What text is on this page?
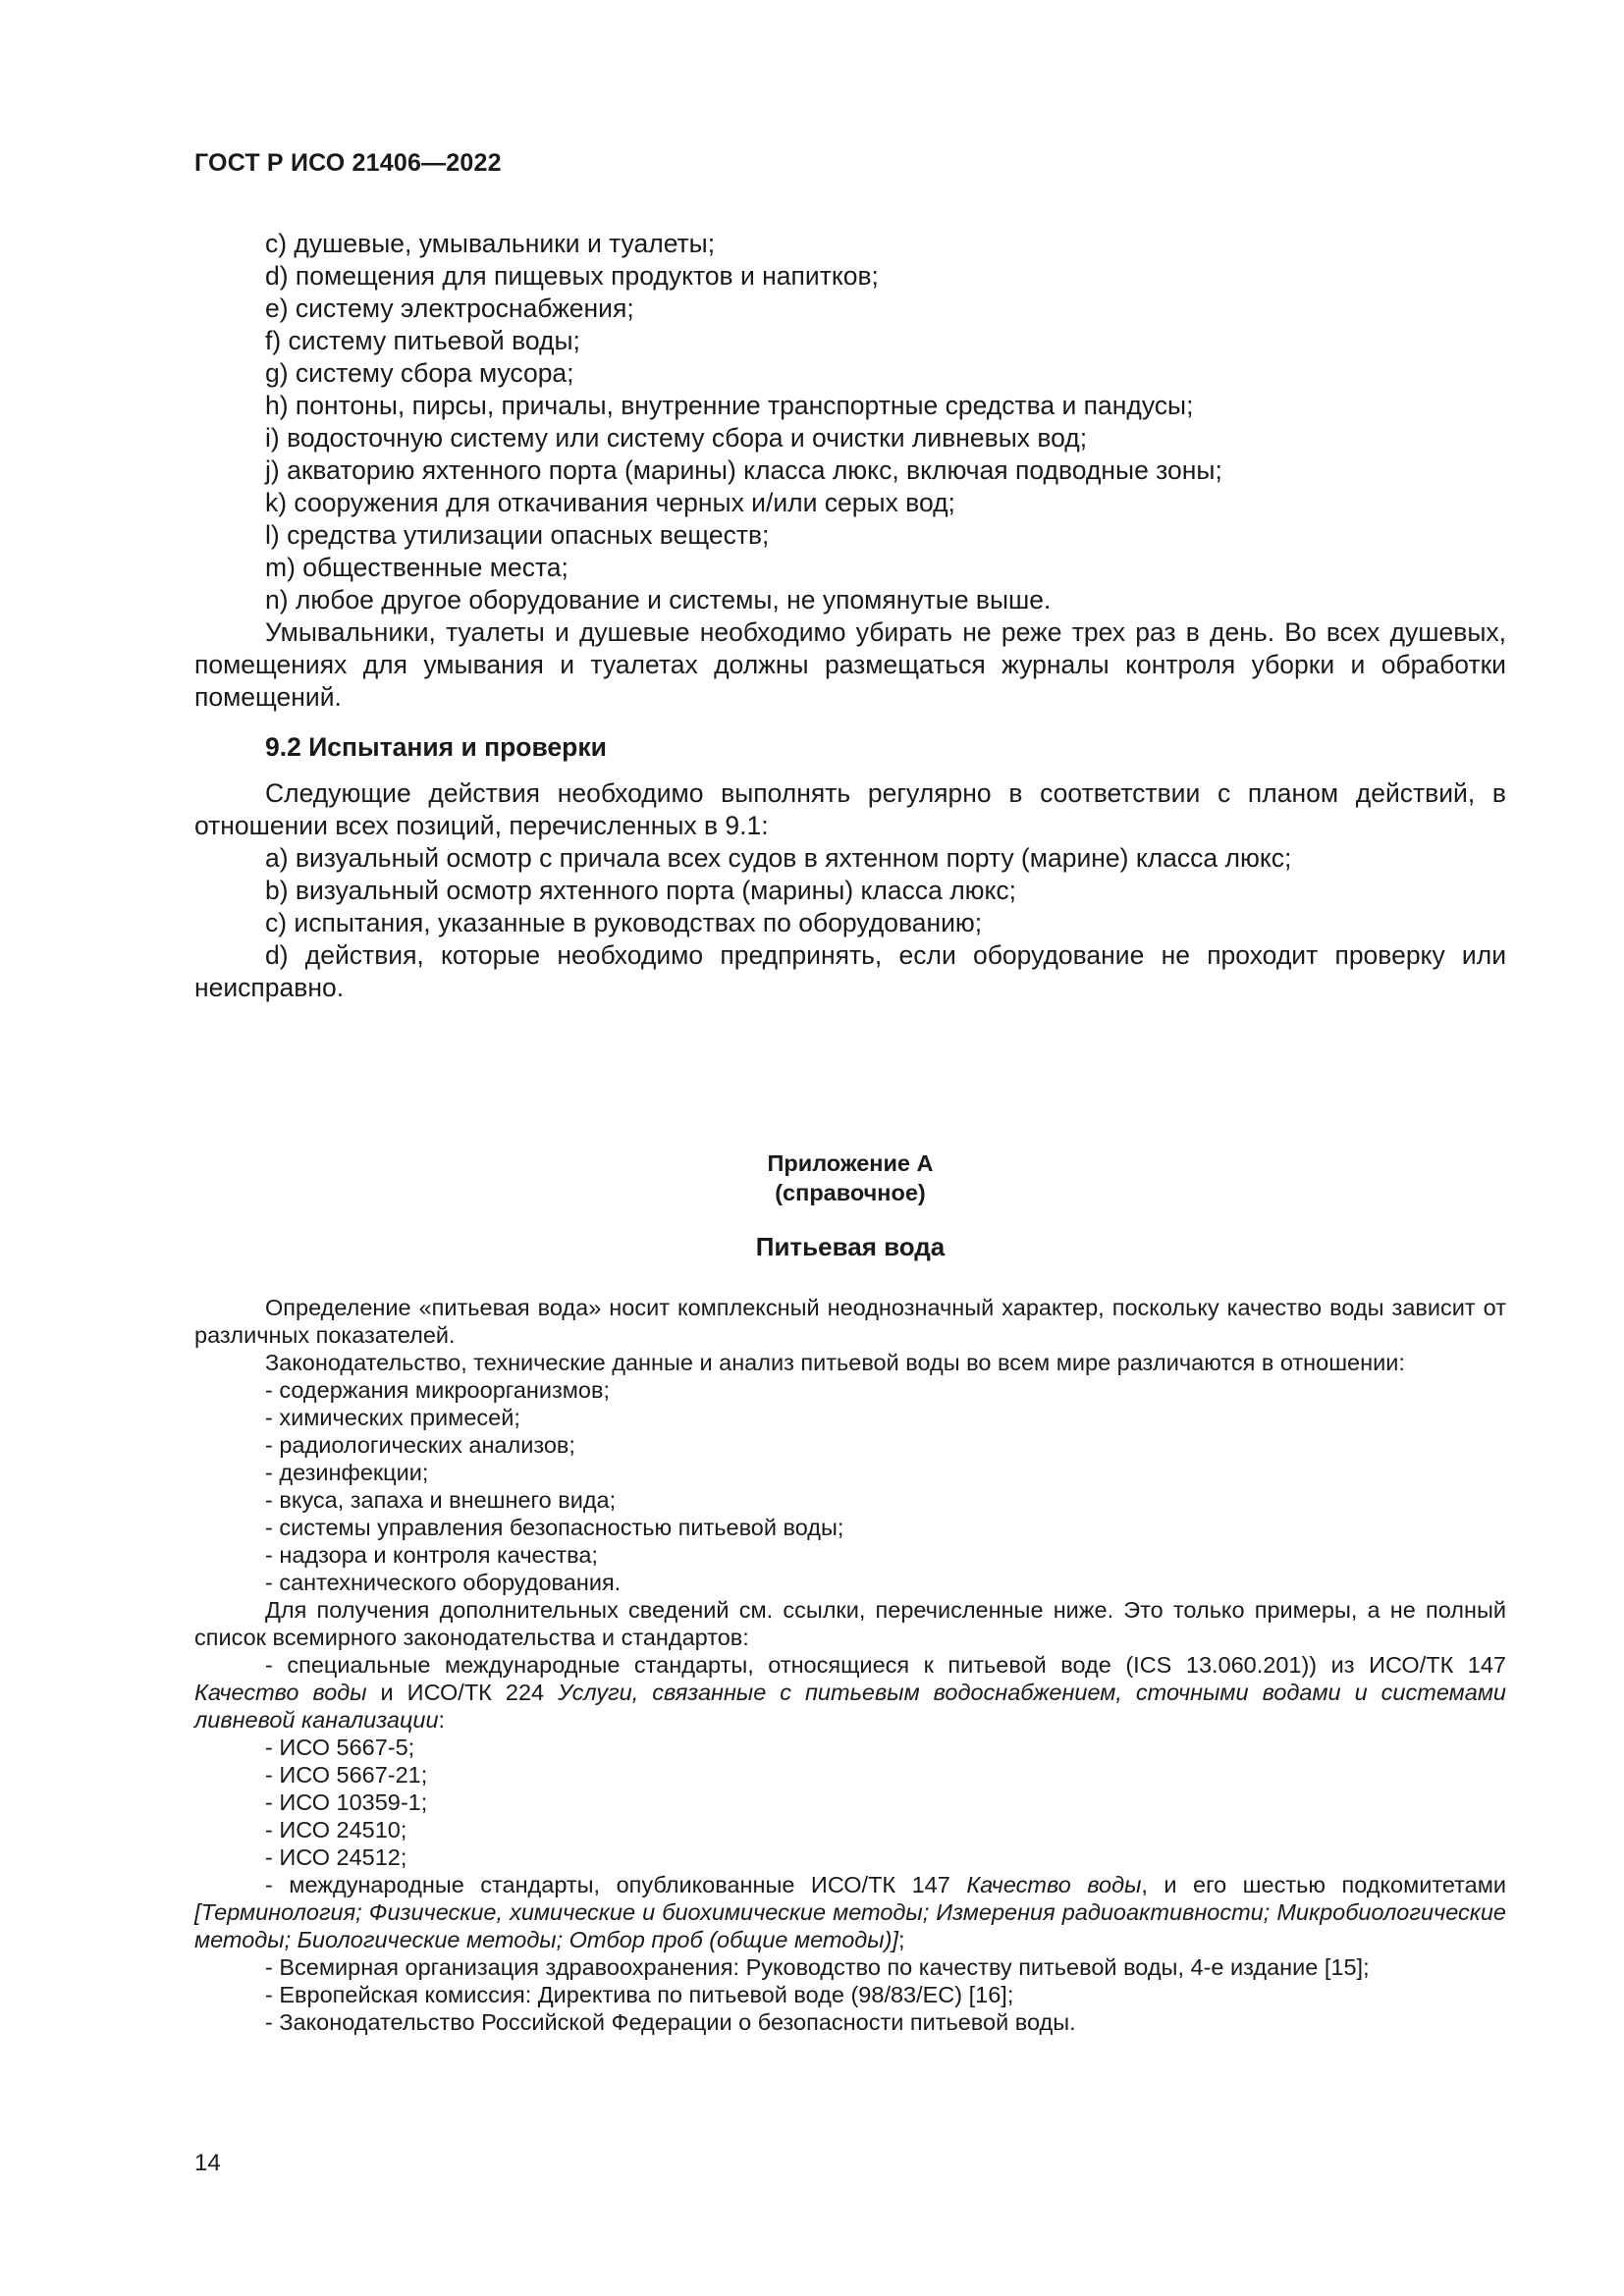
ГОСТ Р ИСО 21406—2022
c) душевые, умывальники и туалеты;
d) помещения для пищевых продуктов и напитков;
e) систему электроснабжения;
f) систему питьевой воды;
g) систему сбора мусора;
h) понтоны, пирсы, причалы, внутренние транспортные средства и пандусы;
i) водосточную систему или систему сбора и очистки ливневых вод;
j) акваторию яхтенного порта (марины) класса люкс, включая подводные зоны;
k) сооружения для откачивания черных и/или серых вод;
l) средства утилизации опасных веществ;
m) общественные места;
n) любое другое оборудование и системы, не упомянутые выше.
Умывальники, туалеты и душевые необходимо убирать не реже трех раз в день. Во всех душевых, помещениях для умывания и туалетах должны размещаться журналы контроля уборки и обработки помещений.
9.2 Испытания и проверки
Следующие действия необходимо выполнять регулярно в соответствии с планом действий, в отношении всех позиций, перечисленных в 9.1:
a) визуальный осмотр с причала всех судов в яхтенном порту (марине) класса люкс;
b) визуальный осмотр яхтенного порта (марины) класса люкс;
c) испытания, указанные в руководствах по оборудованию;
d) действия, которые необходимо предпринять, если оборудование не проходит проверку или неисправно.
Приложение А
(справочное)
Питьевая вода
Определение «питьевая вода» носит комплексный неоднозначный характер, поскольку качество воды зависит от различных показателей.
Законодательство, технические данные и анализ питьевой воды во всем мире различаются в отношении:
- содержания микроорганизмов;
- химических примесей;
- радиологических анализов;
- дезинфекции;
- вкуса, запаха и внешнего вида;
- системы управления безопасностью питьевой воды;
- надзора и контроля качества;
- сантехнического оборудования.
Для получения дополнительных сведений см. ссылки, перечисленные ниже. Это только примеры, а не полный список всемирного законодательства и стандартов:
- специальные международные стандарты, относящиеся к питьевой воде (ICS 13.060.201)) из ИСО/ТК 147 Качество воды и ИСО/ТК 224 Услуги, связанные с питьевым водоснабжением, сточными водами и системами ливневой канализации:
- ИСО 5667-5;
- ИСО 5667-21;
- ИСО 10359-1;
- ИСО 24510;
- ИСО 24512;
- международные стандарты, опубликованные ИСО/ТК 147 Качество воды, и его шестью подкомитетами [Терминология; Физические, химические и биохимические методы; Измерения радиоактивности; Микробиологические методы; Биологические методы; Отбор проб (общие методы)];
- Всемирная организация здравоохранения: Руководство по качеству питьевой воды, 4-е издание [15];
- Европейская комиссия: Директива по питьевой воде (98/83/EC) [16];
- Законодательство Российской Федерации о безопасности питьевой воды.
14
